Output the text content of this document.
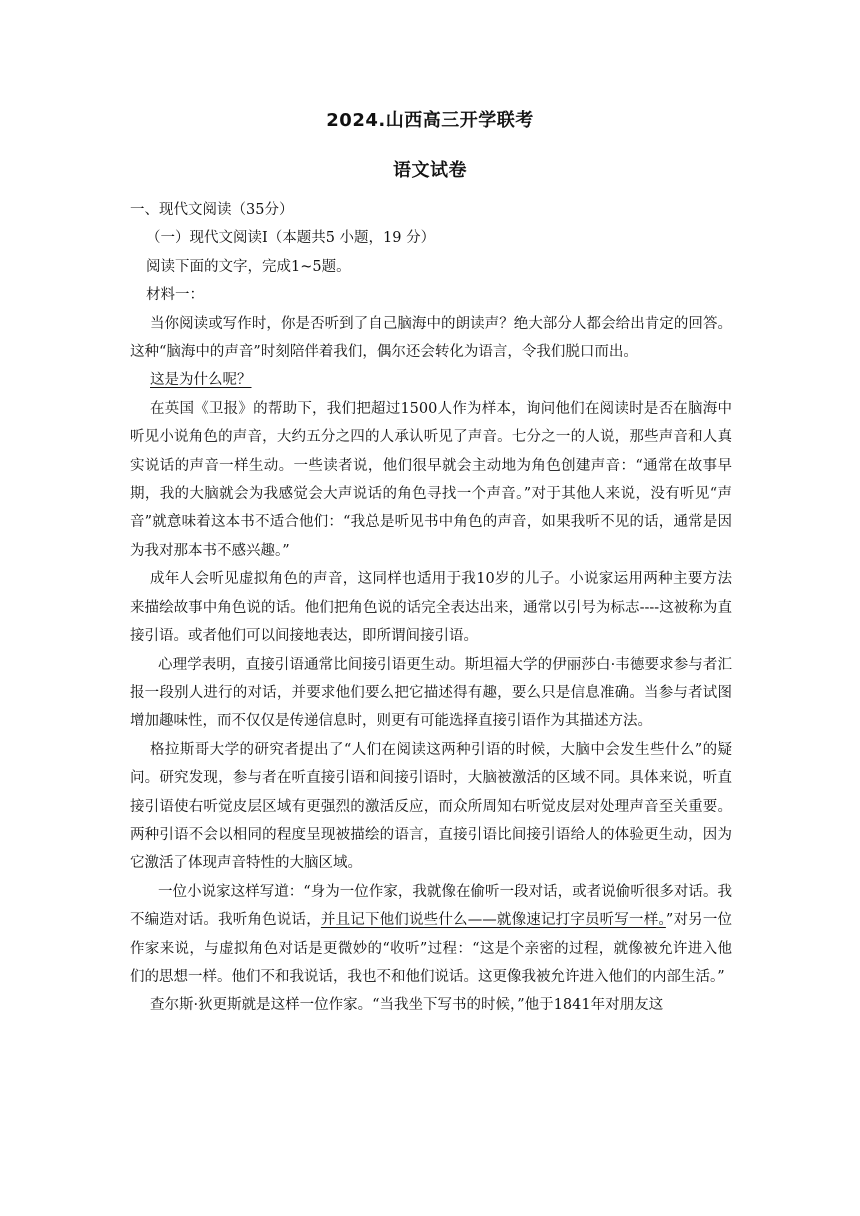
2024.山西高三开学联考
语文试卷

一、现代文阅读（35分）

（一）现代文阅读Ⅰ（本题共5 小题，19 分）

阅读下面的文字，完成1~5题。

材料一：

当你阅读或写作时，你是否听到了自己脑海中的朗读声？绝大部分人都会给出肯定的回答。这种“脑海中的声音”时刻陪伴着我们，偶尔还会转化为语言，令我们脱口而出。

这是为什么呢？

在英国《卫报》的帮助下，我们把超过1500人作为样本，询问他们在阅读时是否在脑海中听见小说角色的声音，大约五分之四的人承认听见了声音。七分之一的人说，那些声音和人真实说话的声音一样生动。一些读者说，他们很早就会主动地为角色创建声音：“通常在故事早期，我的大脑就会为我感觉会大声说话的角色寻找一个声音。”对于其他人来说，没有听见“声音”就意味着这本书不适合他们：“我总是听见书中角色的声音，如果我听不见的话，通常是因为我对那本书不感兴趣。”

成年人会听见虚拟角色的声音，这同样也适用于我10岁的儿子。小说家运用两种主要方法来描绘故事中角色说的话。他们把角色说的话完全表达出来，通常以引号为标志----这被称为直接引语。或者他们可以间接地表达，即所谓间接引语。

心理学表明，直接引语通常比间接引语更生动。斯坦福大学的伊丽莎白·韦德要求参与者汇报一段别人进行的对话，并要求他们要么把它描述得有趣，要么只是信息准确。当参与者试图增加趣味性，而不仅仅是传递信息时，则更有可能选择直接引语作为其描述方法。

格拉斯哥大学的研究者提出了“人们在阅读这两种引语的时候，大脑中会发生些什么”的疑问。研究发现，参与者在听直接引语和间接引语时，大脑被激活的区域不同。具体来说，听直接引语使右听觉皮层区域有更强烈的激活反应，而众所周知右听觉皮层对处理声音至关重要。两种引语不会以相同的程度呈现被描绘的语言，直接引语比间接引语给人的体验更生动，因为它激活了体现声音特性的大脑区域。

一位小说家这样写道：“身为一位作家，我就像在偷听一段对话，或者说偷听很多对话。我不编造对话。我听角色说话，并且记下他们说些什么——就像速记打字员听写一样。”对另一位作家来说，与虚拟角色对话是更微妙的“收听”过程：“这是个亲密的过程，就像被允许进入他们的思想一样。他们不和我说话，我也不和他们说话。这更像我被允许进入他们的内部生活。”

查尔斯·狄更斯就是这样一位作家。“当我坐下写书的时候，”他于1841年对朋友这
